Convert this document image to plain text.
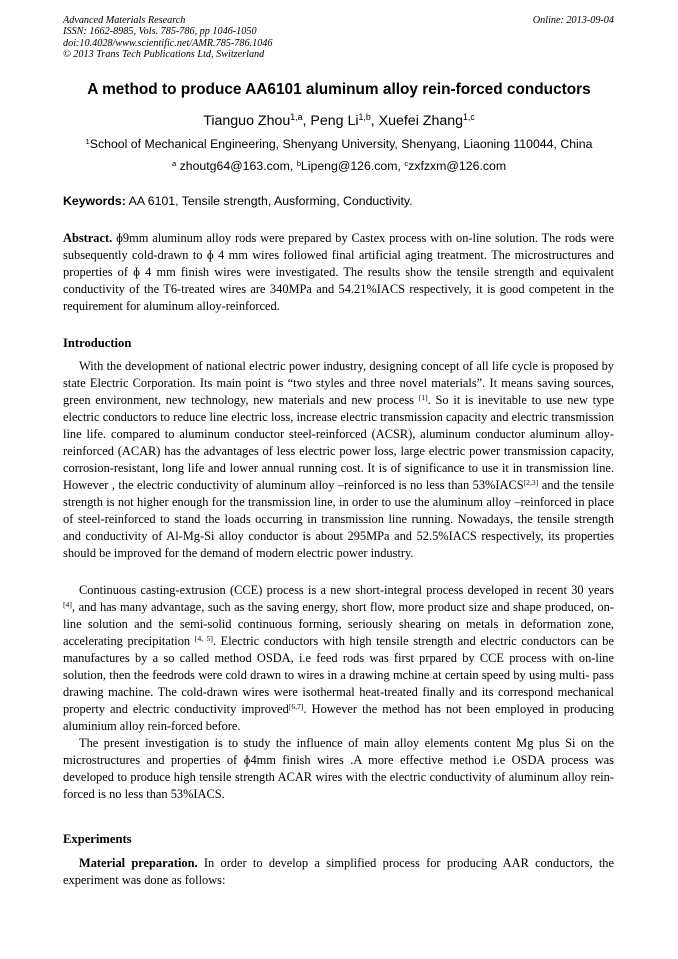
Advanced Materials Research
ISSN: 1662-8985, Vols. 785-786, pp 1046-1050
doi:10.4028/www.scientific.net/AMR.785-786.1046
© 2013 Trans Tech Publications Ltd, Switzerland
Online: 2013-09-04
A method to produce AA6101 aluminum alloy rein-forced conductors
Tianguo Zhou$^{1,a}$, Peng Li$^{1,b}$, Xuefei Zhang$^{1,c}$
$^1$School of Mechanical Engineering, Shenyang University, Shenyang, Liaoning 110044, China
$^a$ zhoutg64@163.com, $^b$Lipeng@126.com, $^c$zxfzxm@126.com
Keywords: AA 6101, Tensile strength, Ausforming, Conductivity.
Abstract. ɸ9mm aluminum alloy rods were prepared by Castex process with on-line solution. The rods were subsequently cold-drawn to ɸ 4 mm wires followed final artificial aging treatment. The microstructures and properties of ɸ 4 mm finish wires were investigated. The results show the tensile strength and equivalent conductivity of the T6-treated wires are 340MPa and 54.21%IACS respectively, it is good competent in the requirement for aluminum alloy-reinforced.
Introduction

With the development of national electric power industry, designing concept of all life cycle is proposed by state Electric Corporation. Its main point is “two styles and three novel materials”. It means saving sources, green environment, new technology, new materials and new process [1]. So it is inevitable to use new type electric conductors to reduce line electric loss, increase electric transmission capacity and electric transmission line life. compared to aluminum conductor steel-reinforced (ACSR), aluminum conductor aluminum alloy-reinforced (ACAR) has the advantages of less electric power loss, large electric power transmission capacity, corrosion-resistant, long life and lower annual running cost. It is of significance to use it in transmission line. However , the electric conductivity of aluminum alloy –reinforced is no less than 53%IACS[2,3] and the tensile strength is not higher enough for the transmission line, in order to use the aluminum alloy –reinforced in place of steel-reinforced to stand the loads occurring in transmission line running. Nowadays, the tensile strength and conductivity of Al-Mg-Si alloy conductor is about 295MPa and 52.5%IACS respectively, its properties should be improved for the demand of modern electric power industry.

Continuous casting-extrusion (CCE) process is a new short-integral process developed in recent 30 years [4], and has many advantage, such as the saving energy, short flow, more product size and shape produced, on-line solution and the semi-solid continuous forming, seriously shearing on metals in deformation zone, accelerating precipitation [4, 5]. Electric conductors with high tensile strength and electric conductors can be manufactures by a so called method OSDA, i.e feed rods was first prpared by CCE process with on-line solution, then the feedrods were cold drawn to wires in a drawing mchine at certain speed by using multi- pass drawing machine. The cold-drawn wires were isothermal heat-treated finally and its correspond mechanical property and electric conductivity improved[6,7]. However the method has not been employed in producing aluminium alloy rein-forced before.

The present investigation is to study the influence of main alloy elements content Mg plus Si on the microstructures and properties of ɸ4mm finish wires .A more effective method i.e OSDA process was developed to produce high tensile strength ACAR wires with the electric conductivity of aluminum alloy rein-forced is no less than 53%IACS.

Experiments

Material preparation. In order to develop a simplified process for producing AAR conductors, the experiment was done as follows:
